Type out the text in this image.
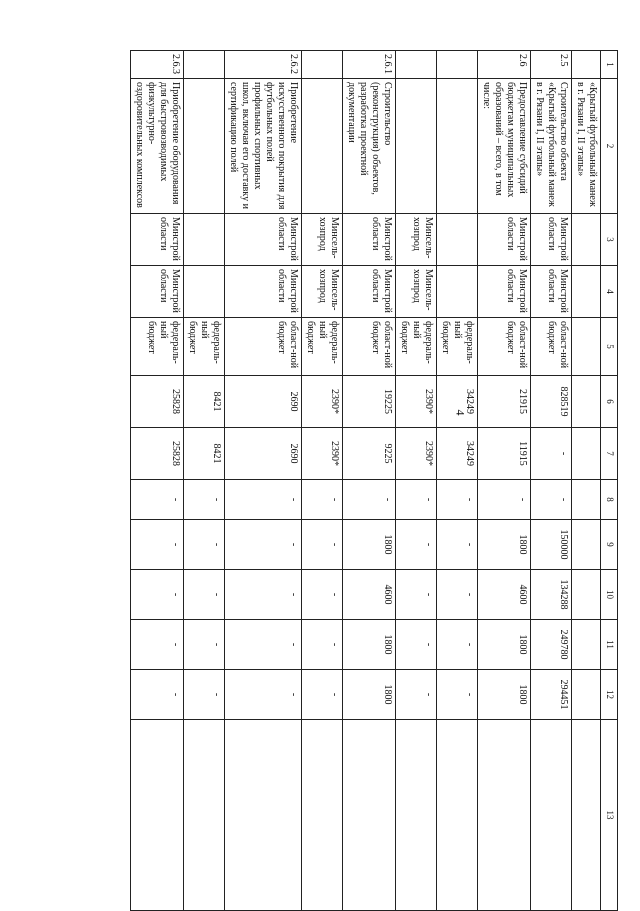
4

1	2	3	4	5	6	7	8	9	10	11	12	13
	«Крытый футбольный манеж в г. Рязани I, II этапы»											
2.5	Строительство объекта «Крытый футбольный манеж в г. Рязани I, II этапы»	Минстрой области	Минстрой области	област-ной бюджет	828519	-	-	150000	134288	249780	294451	
2.6	Предоставление субсидий бюджетам муниципальных образований – всего, в том числе:	Минстрой области	Минстрой области	област-ной бюджет	21915	11915	-	1800	4600	1800	1800	
				федераль-ный бюджет	34249	34249	-	-	-	-	-	
		Минсель-хозпрод	Минсель-хозпрод	федераль-ный бюджет	2390*	2390*	-	-	-	-	-	
2.6.1	Строительство (реконструкция) объектов, разработка проектной документации	Минстрой области	Минстрой области	област-ной бюджет	19225	9225	-	1800	4600	1800	1800	
		Минсель-хозпрод	Минсель-хозпрод	федераль-ный бюджет	2390*	2390*	-	-	-	-	-	
2.6.2	Приобретение искусственного покрытия для футбольных полей профильных спортивных школ, включая его доставку и сертификацию полей	Минстрой области	Минстрой области	област-ной бюджет	2690	2690	-	-	-	-	-	
				федераль-ный бюджет	8421	8421	-	-	-	-	-	
2.6.3	Приобретение оборудования для быстровозводимых физкультурно-оздоровительных комплексов	Минстрой области	Минстрой области	федераль-ный бюджет	25828	25828	-	-	-	-	-	
